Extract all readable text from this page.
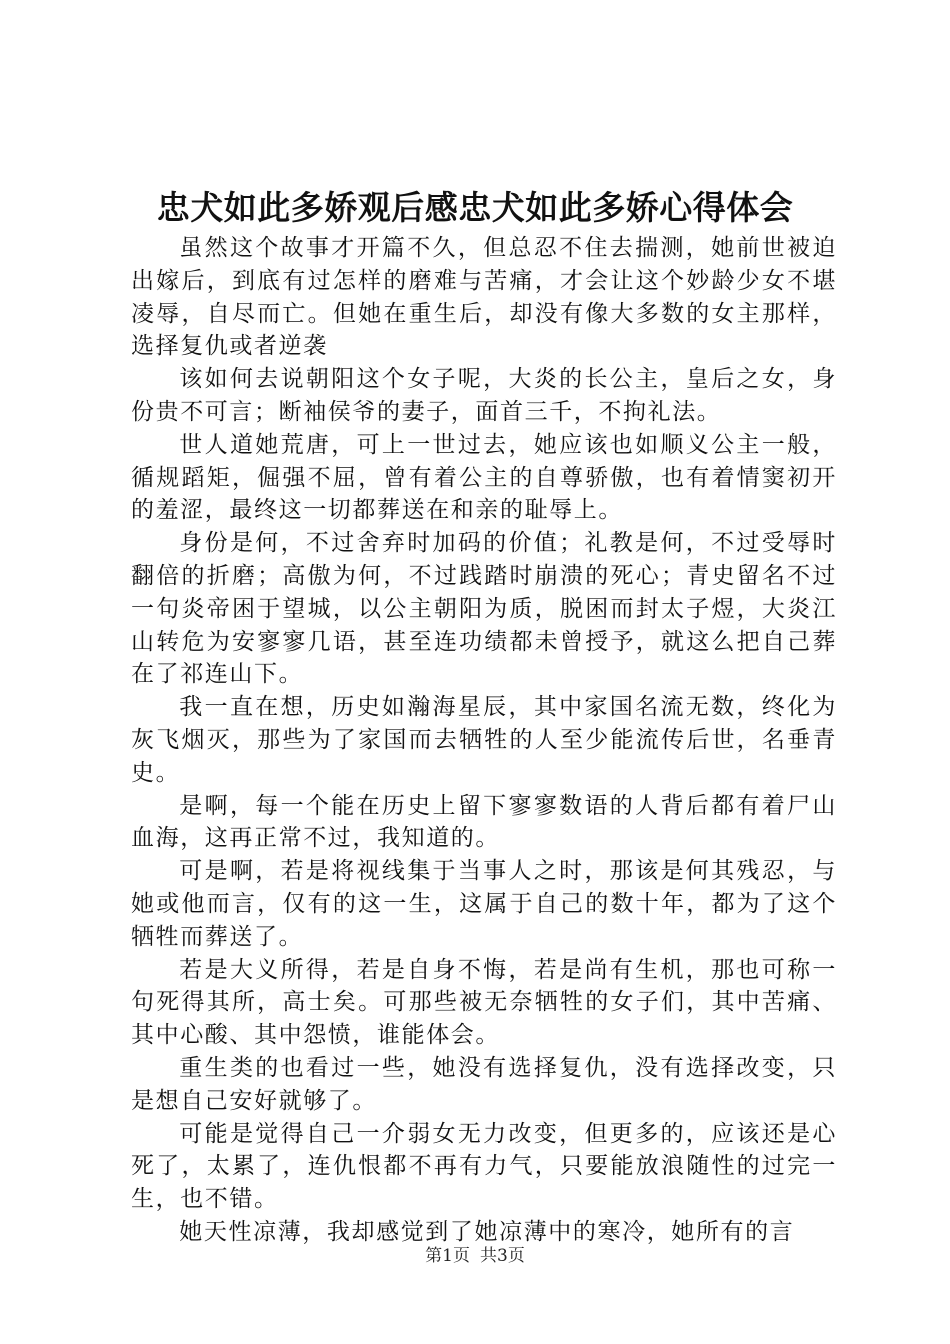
忠犬如此多娇观后感忠犬如此多娇心得体会

虽然这个故事才开篇不久，但总忍不住去揣测，她前世被迫出嫁后，到底有过怎样的磨难与苦痛，才会让这个妙龄少女不堪凌辱，自尽而亡。但她在重生后，却没有像大多数的女主那样，选择复仇或者逆袭

该如何去说朝阳这个女子呢，大炎的长公主，皇后之女，身份贵不可言；断袖侯爷的妻子，面首三千，不拘礼法。

世人道她荒唐，可上一世过去，她应该也如顺义公主一般，循规蹈矩，倔强不屈，曾有着公主的自尊骄傲，也有着情窦初开的羞涩，最终这一切都葬送在和亲的耻辱上。

身份是何，不过舍弃时加码的价值；礼教是何，不过受辱时翻倍的折磨；高傲为何，不过践踏时崩溃的死心；青史留名不过一句炎帝困于望城，以公主朝阳为质，脱困而封太子煜，大炎江山转危为安寥寥几语，甚至连功绩都未曾授予，就这么把自己葬在了祁连山下。

我一直在想，历史如瀚海星辰，其中家国名流无数，终化为灰飞烟灭，那些为了家国而去牺牲的人至少能流传后世，名垂青史。

是啊，每一个能在历史上留下寥寥数语的人背后都有着尸山血海，这再正常不过，我知道的。

可是啊，若是将视线集于当事人之时，那该是何其残忍，与她或他而言，仅有的这一生，这属于自己的数十年，都为了这个牺牲而葬送了。

若是大义所得，若是自身不悔，若是尚有生机，那也可称一句死得其所，高士矣。可那些被无奈牺牲的女子们，其中苦痛、其中心酸、其中怨愤，谁能体会。

重生类的也看过一些，她没有选择复仇，没有选择改变，只是想自己安好就够了。

可能是觉得自己一介弱女无力改变，但更多的，应该还是心死了，太累了，连仇恨都不再有力气，只要能放浪随性的过完一生，也不错。

她天性凉薄，我却感觉到了她凉薄中的寒冷，她所有的言

第1页 共3页
